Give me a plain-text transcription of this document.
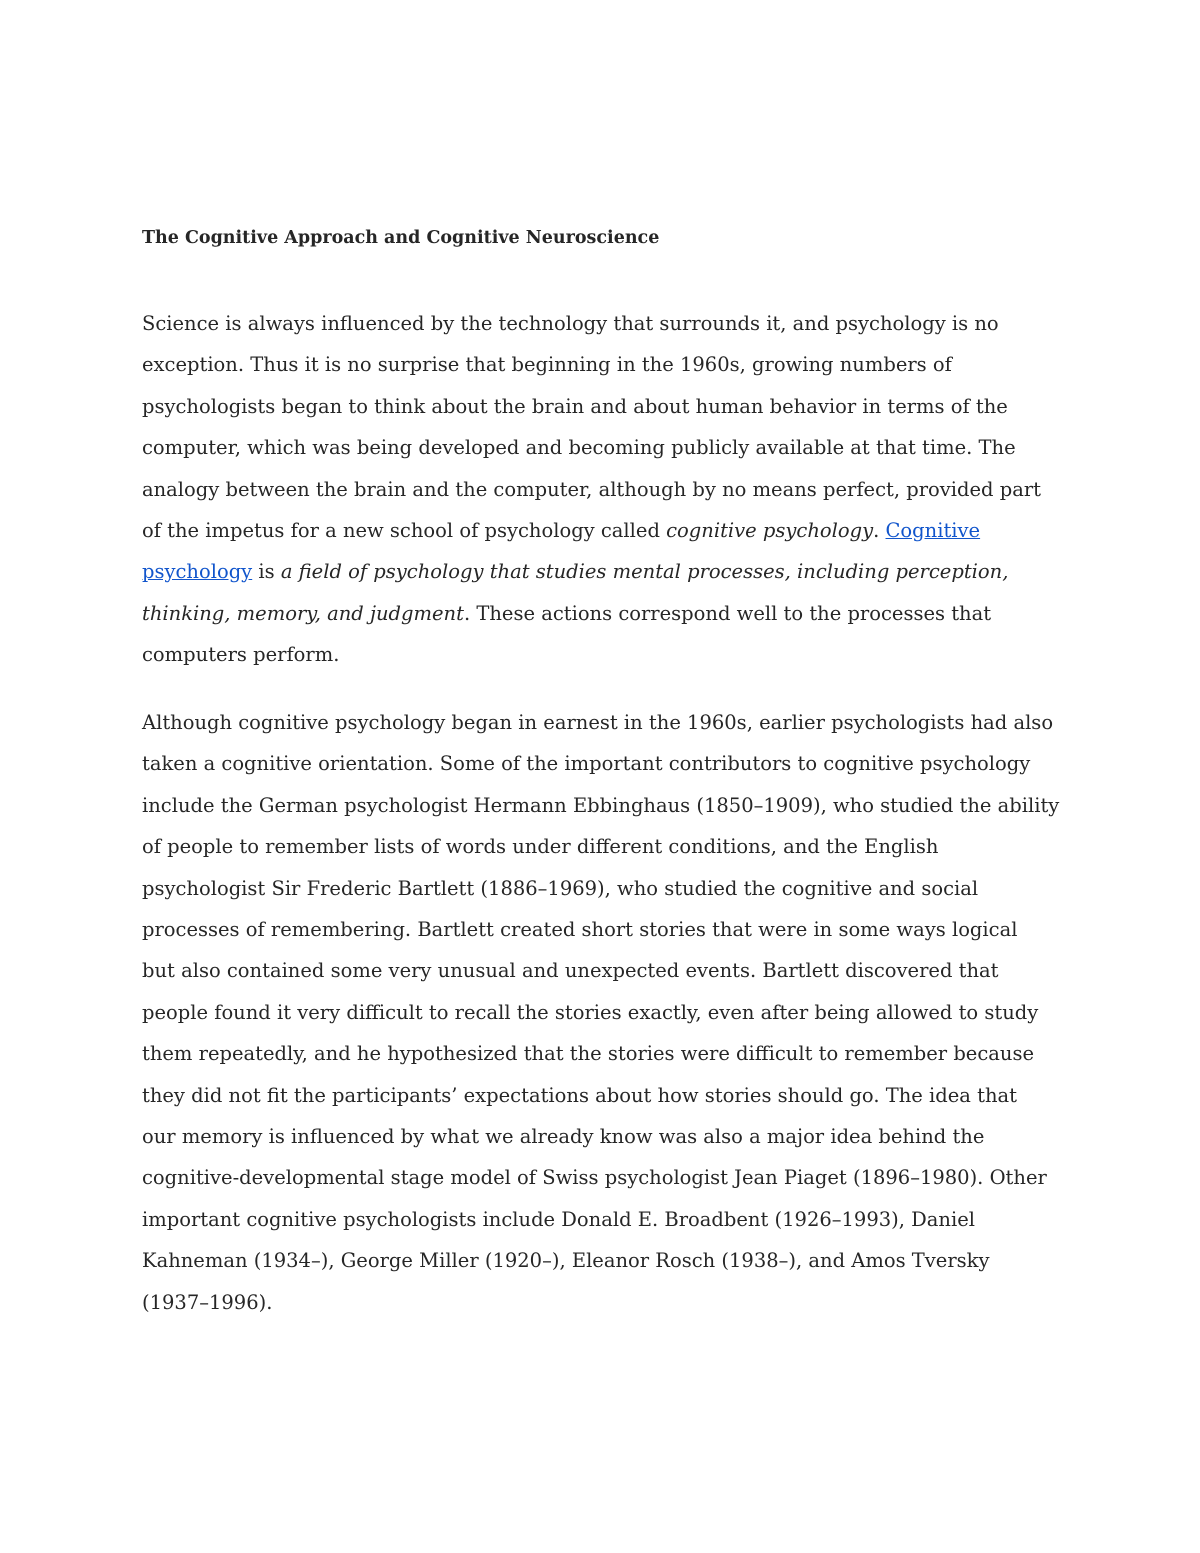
The Cognitive Approach and Cognitive Neuroscience

Science is always influenced by the technology that surrounds it, and psychology is no
exception. Thus it is no surprise that beginning in the 1960s, growing numbers of
psychologists began to think about the brain and about human behavior in terms of the
computer, which was being developed and becoming publicly available at that time. The
analogy between the brain and the computer, although by no means perfect, provided part
of the impetus for a new school of psychology called cognitive psychology. Cognitive
psychology is a field of psychology that studies mental processes, including perception,
thinking, memory, and judgment. These actions correspond well to the processes that
computers perform.

Although cognitive psychology began in earnest in the 1960s, earlier psychologists had also
taken a cognitive orientation. Some of the important contributors to cognitive psychology
include the German psychologist Hermann Ebbinghaus (1850–1909), who studied the ability
of people to remember lists of words under different conditions, and the English
psychologist Sir Frederic Bartlett (1886–1969), who studied the cognitive and social
processes of remembering. Bartlett created short stories that were in some ways logical
but also contained some very unusual and unexpected events. Bartlett discovered that
people found it very difficult to recall the stories exactly, even after being allowed to study
them repeatedly, and he hypothesized that the stories were difficult to remember because
they did not fit the participants’ expectations about how stories should go. The idea that
our memory is influenced by what we already know was also a major idea behind the
cognitive-developmental stage model of Swiss psychologist Jean Piaget (1896–1980). Other
important cognitive psychologists include Donald E. Broadbent (1926–1993), Daniel
Kahneman (1934–), George Miller (1920–), Eleanor Rosch (1938–), and Amos Tversky
(1937–1996).
